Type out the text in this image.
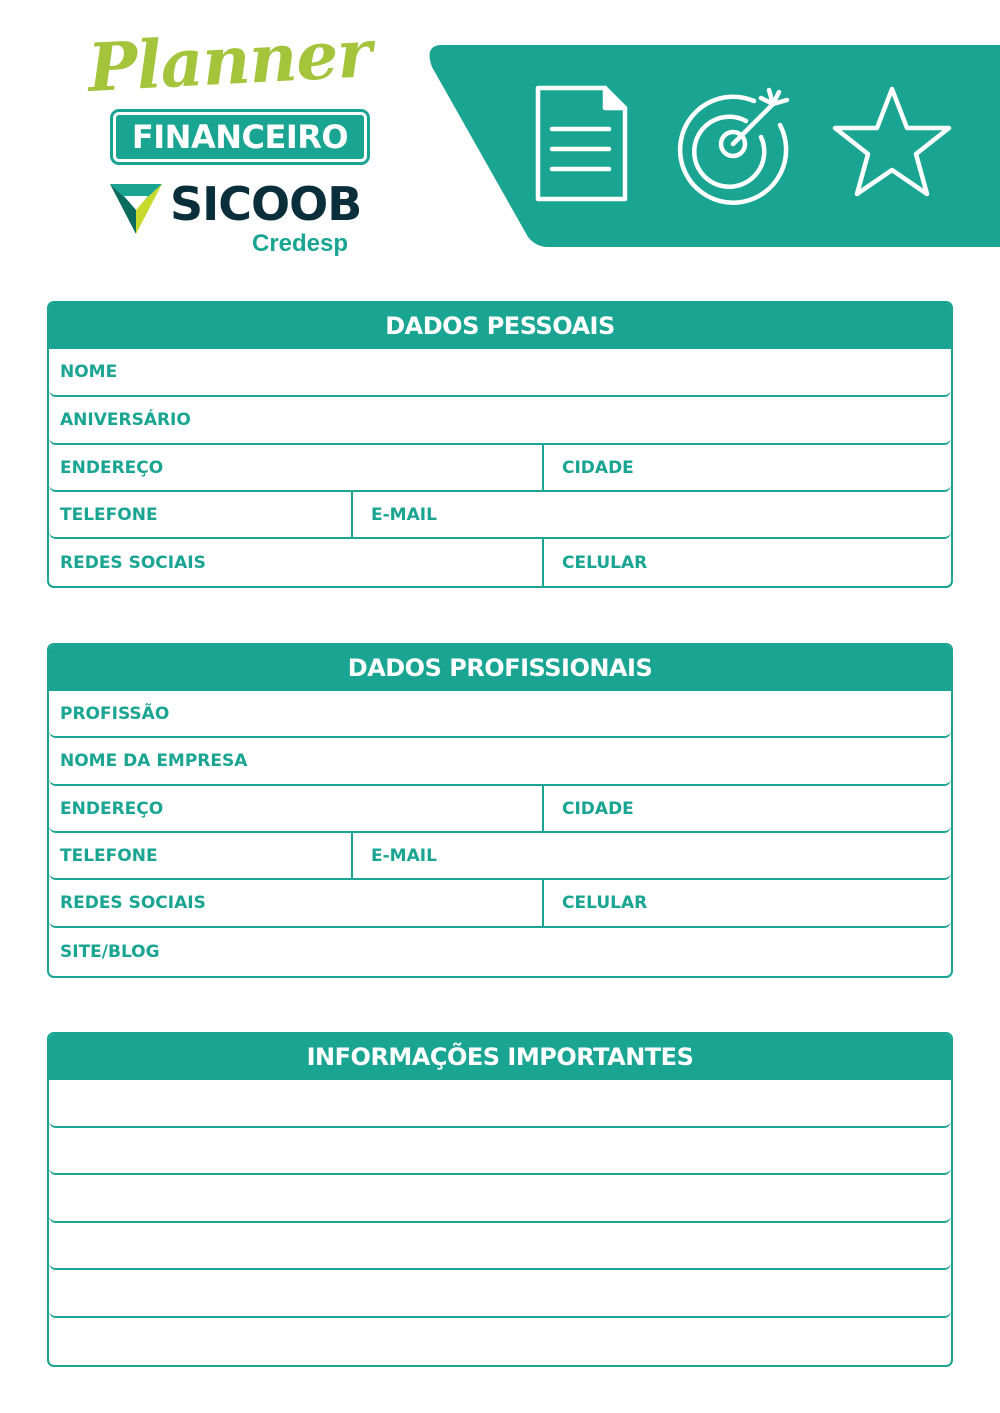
Planner
FINANCEIRO
SICOOB
Credesp
DADOS PESSOAIS
NOME
ANIVERSÁRIO
ENDEREÇO	CIDADE
TELEFONE	E-MAIL
REDES SOCIAIS	CELULAR
DADOS PROFISSIONAIS
PROFISSÃO
NOME DA EMPRESA
ENDEREÇO	CIDADE
TELEFONE	E-MAIL
REDES SOCIAIS	CELULAR
SITE/BLOG
INFORMAÇÕES IMPORTANTES
